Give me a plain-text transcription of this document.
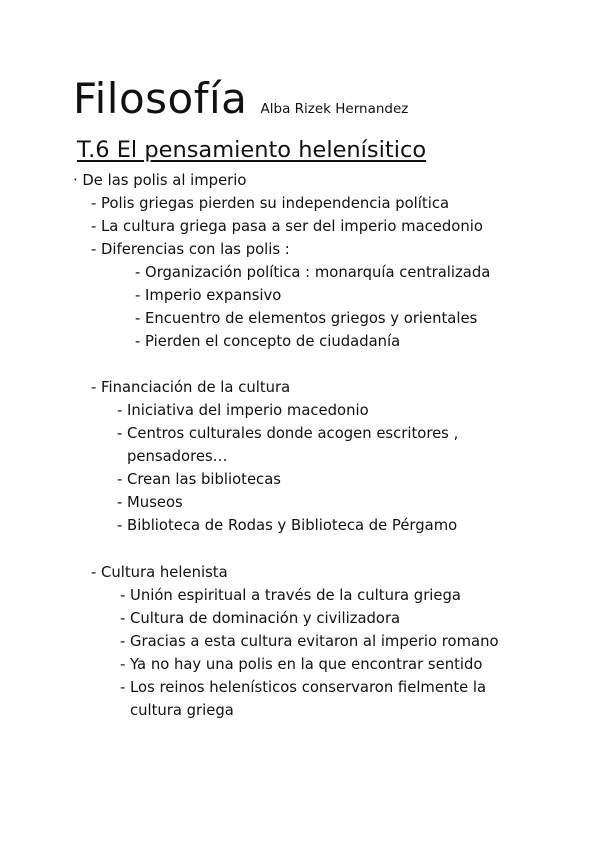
Filosofía Alba Rizek Hernandez
T.6 El pensamiento helenísitico
· De las polis al imperio
- Polis griegas pierden su independencia política
- La cultura griega pasa a ser del imperio macedonio
- Diferencias con las polis :
- Organización política : monarquía centralizada
- Imperio expansivo
- Encuentro de elementos griegos y orientales
- Pierden el concepto de ciudadanía
- Financiación de la cultura
- Iniciativa del imperio macedonio
- Centros culturales donde acogen escritores ,
pensadores…
- Crean las bibliotecas
- Museos
- Biblioteca de Rodas y Biblioteca de Pérgamo
- Cultura helenista
- Unión espiritual a través de la cultura griega
- Cultura de dominación y civilizadora
- Gracias a esta cultura evitaron al imperio romano
- Ya no hay una polis en la que encontrar sentido
- Los reinos helenísticos conservaron fielmente la
cultura griega
